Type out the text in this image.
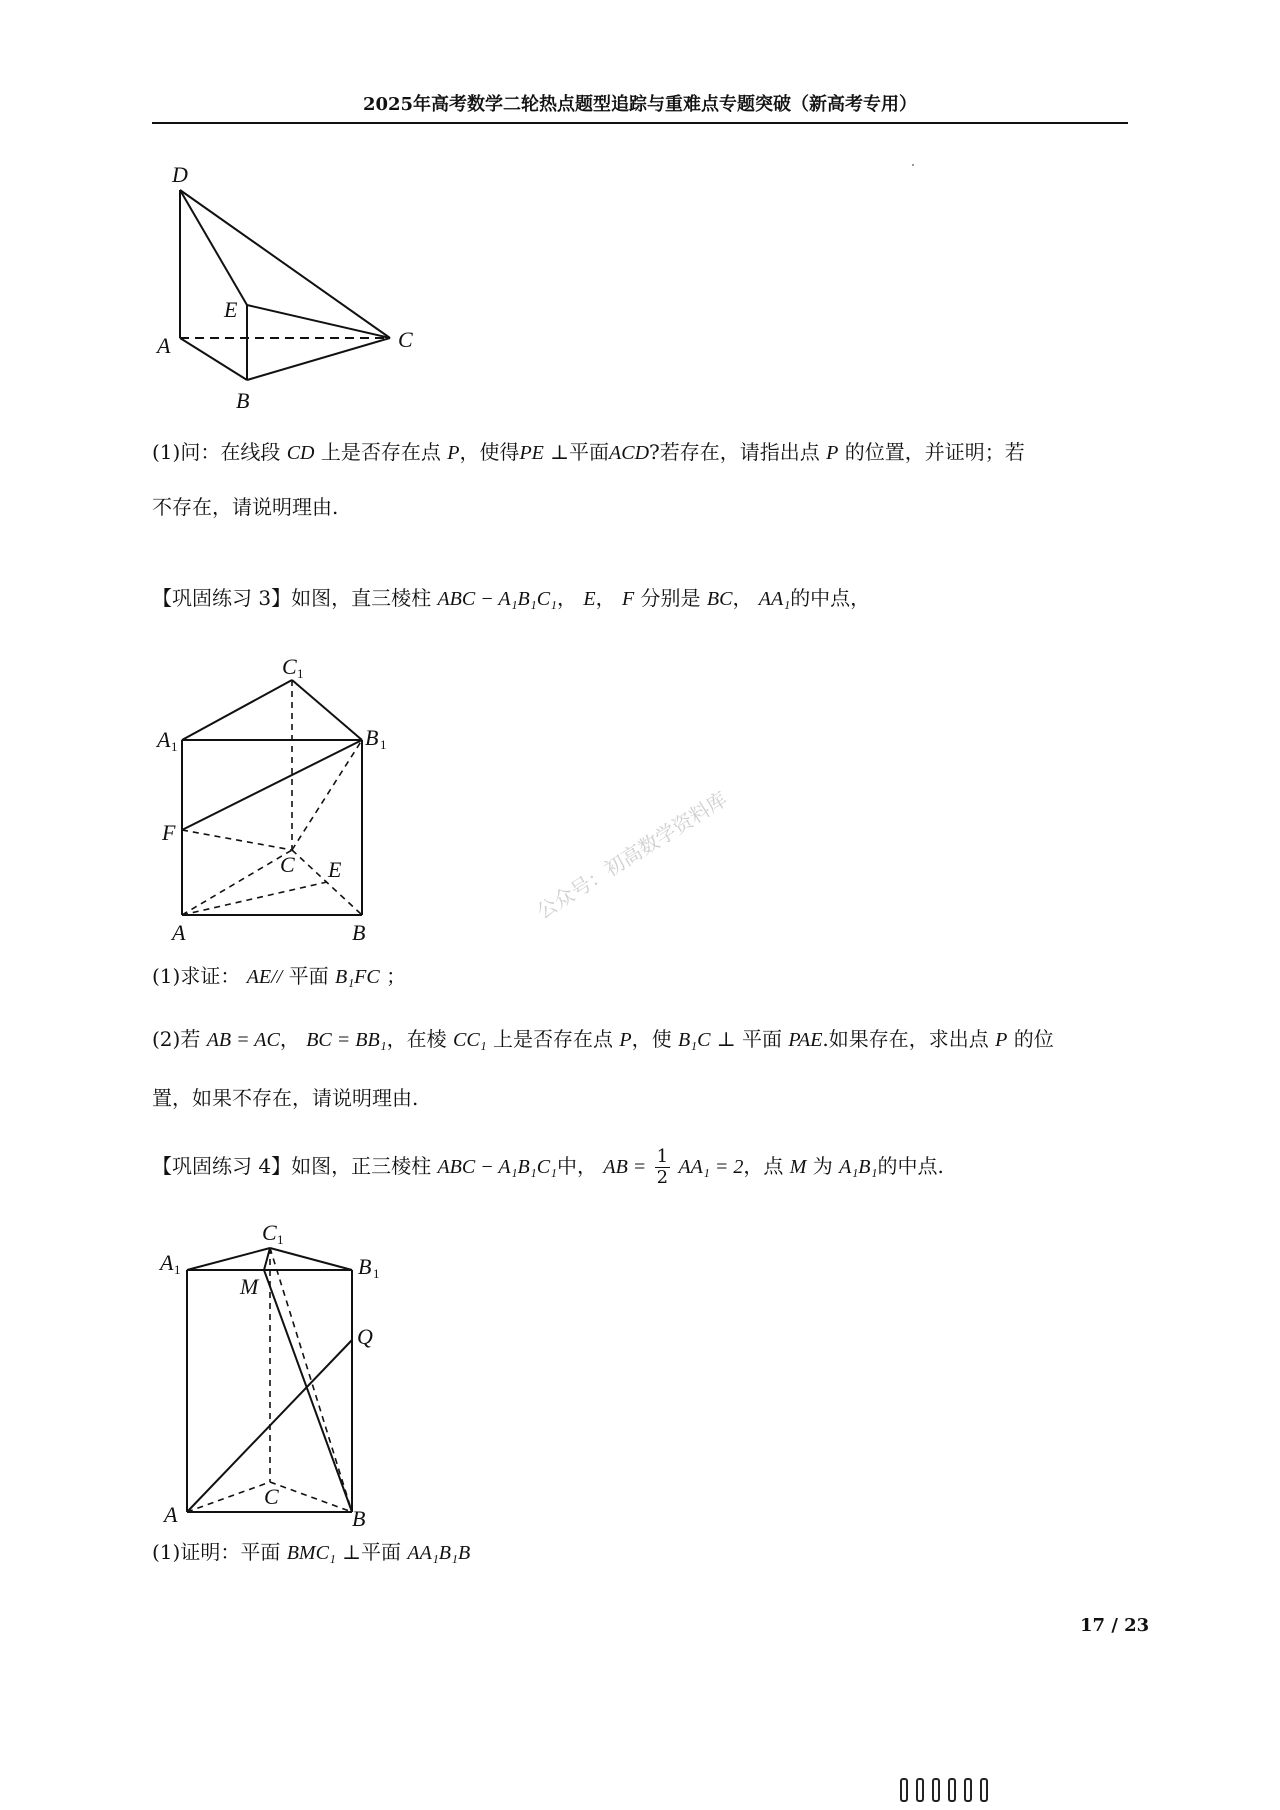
2025年高考数学二轮热点题型追踪与重难点专题突破（新高考专用）
D
E
A	C
B
(1)问：在线段 CD 上是否存在点 P，使得PE ⊥平面ACD?若存在，请指出点 P 的位置，并证明；若
不存在，请说明理由.
【巩固练习 3】如图，直三棱柱 ABC − A₁B₁C₁， E， F 分别是 BC， AA₁的中点，
C 1
A 1	B 1
F
C E
A	B
公众号：初高数学资料库
(1)求证： AE// 平面 B₁FC ；
(2)若 AB = AC， BC = BB₁，在棱 CC₁ 上是否存在点 P，使 B₁C ⊥ 平面 PAE.如果存在，求出点 P 的位
置，如果不存在，请说明理由.
【巩固练习 4】如图，正三棱柱 ABC − A₁B₁C₁中， AB = $\frac{1}{2} AA_1 = 2$，点 M 为 A₁B₁的中点.
C 1
A 1	B 1
M
Q
C
A	B
(1)证明：平面 BMC₁ ⊥平面 AA₁B₁B
17 / 23
